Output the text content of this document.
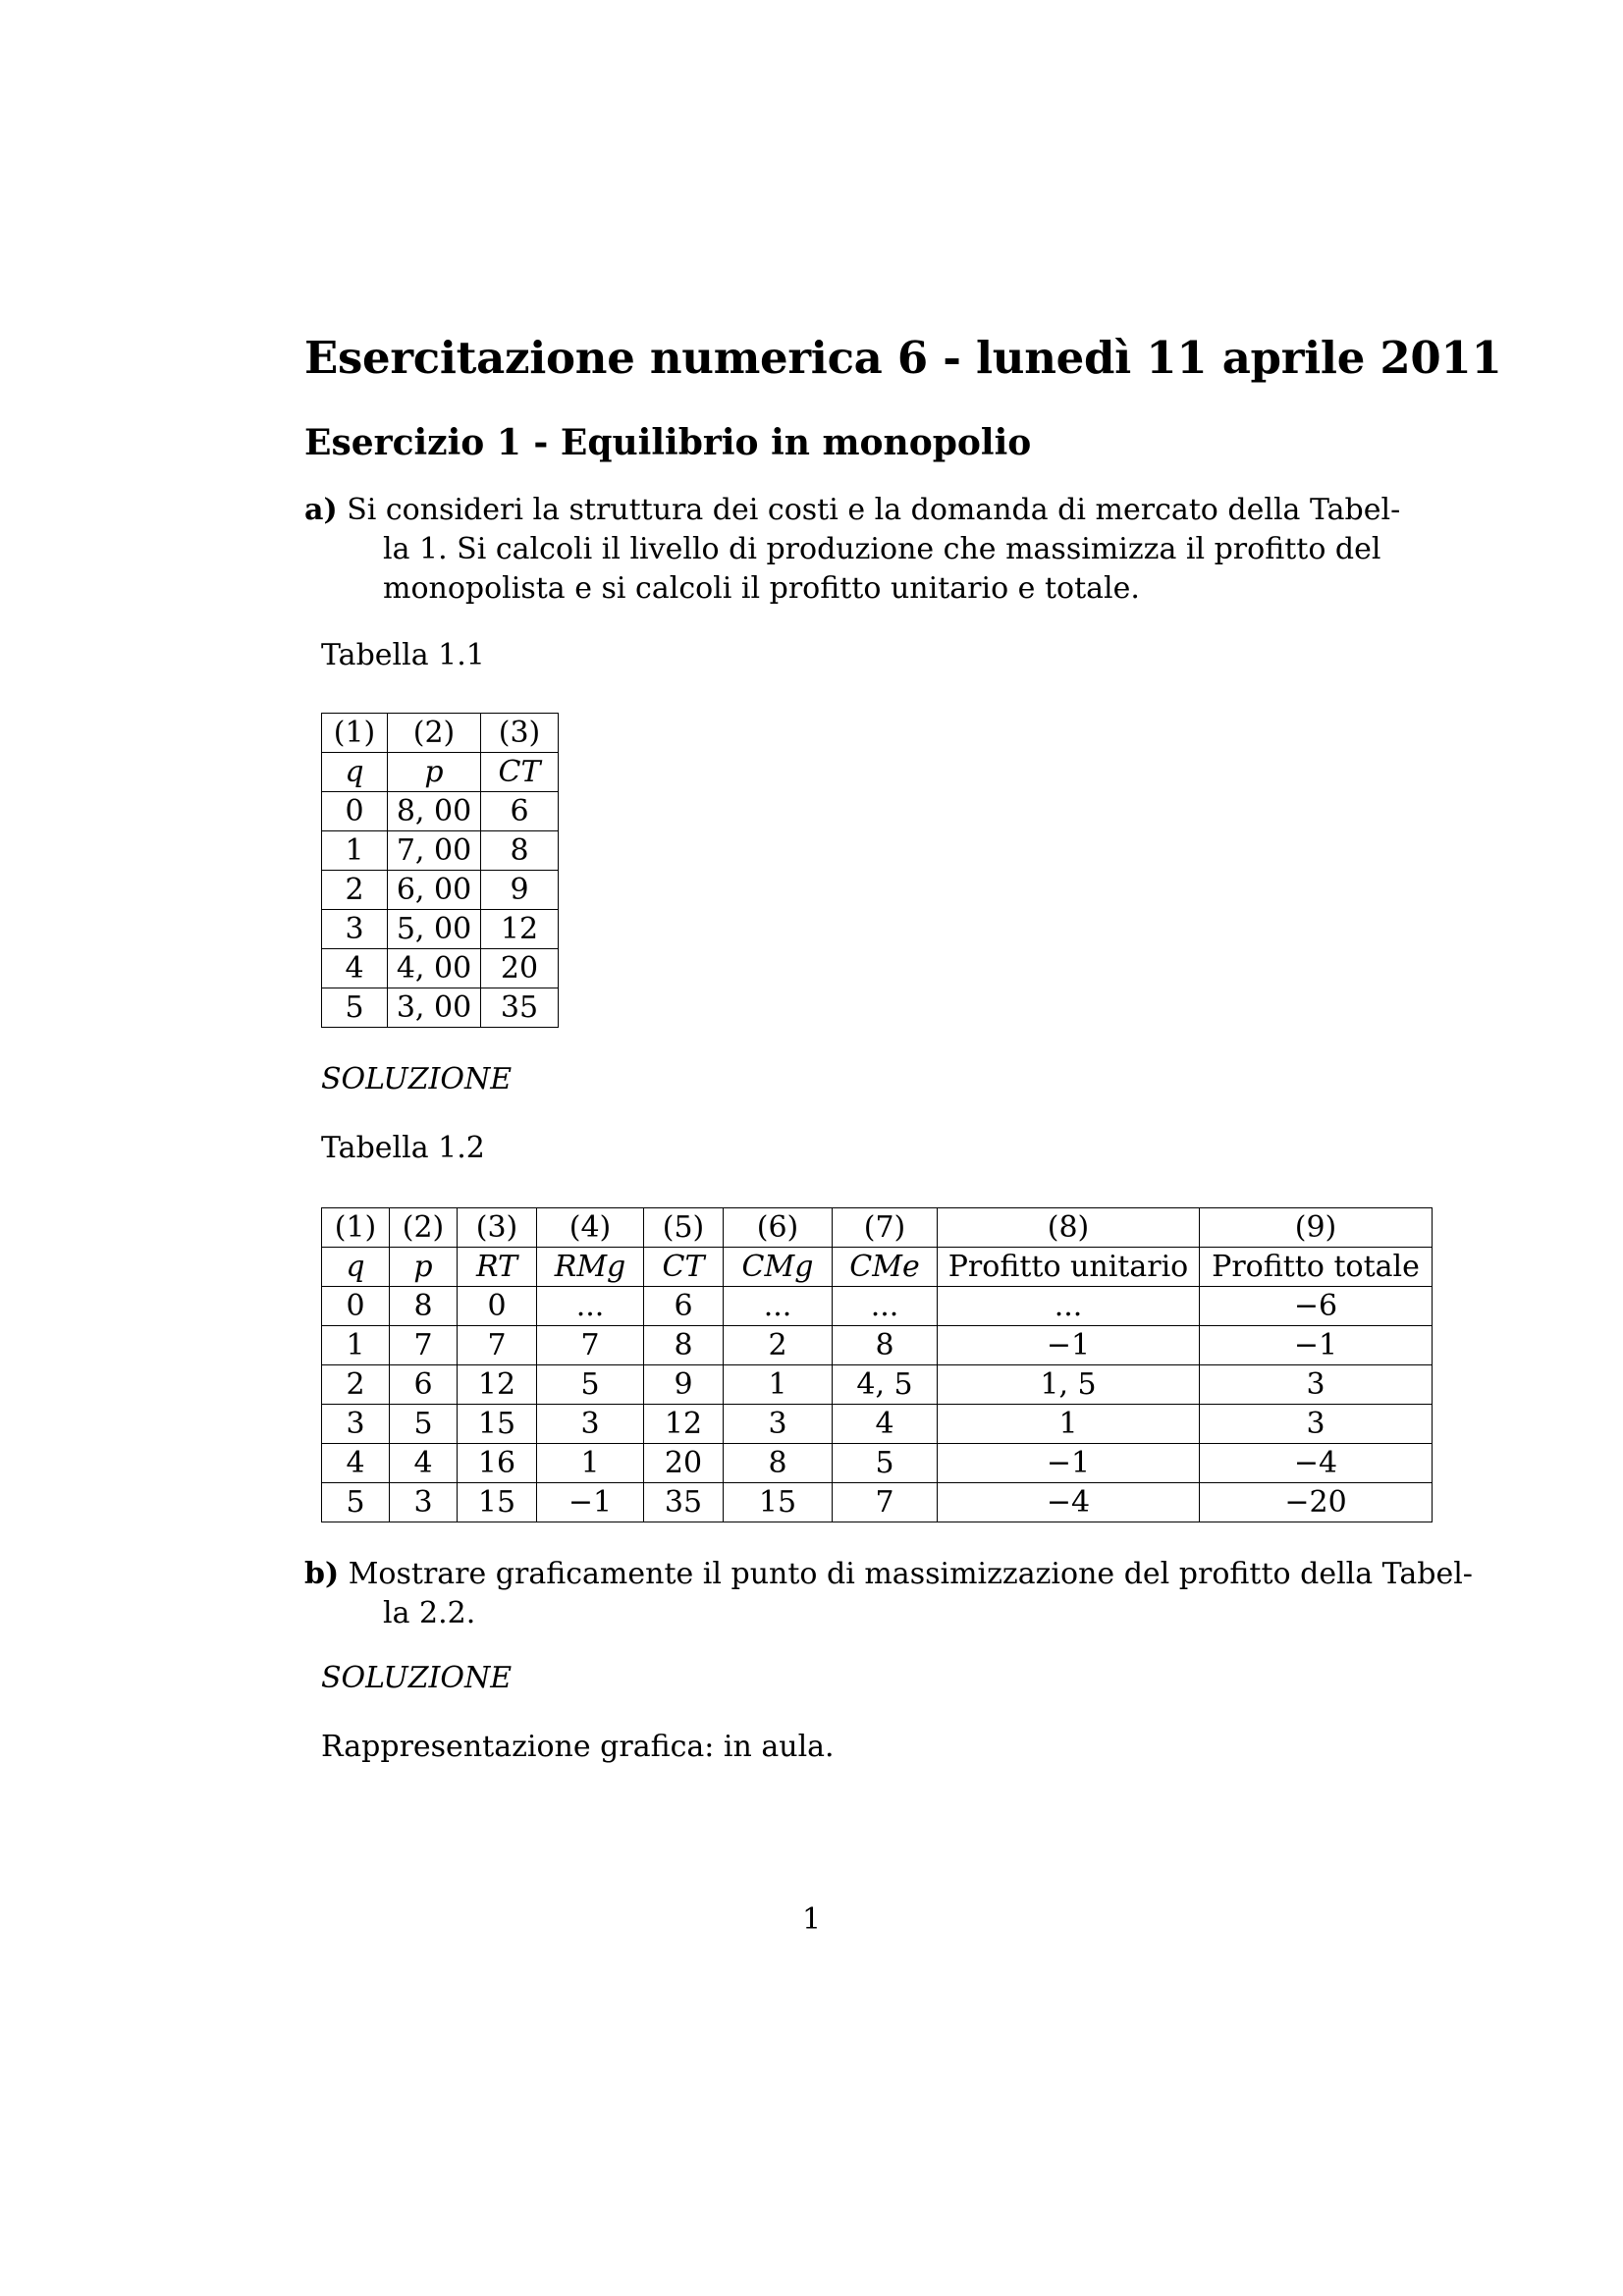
Esercitazione numerica 6 - lunedì 11 aprile 2011
Esercizio 1 - Equilibrio in monopolio
a) Si consideri la struttura dei costi e la domanda di mercato della Tabel-
la 1. Si calcoli il livello di produzione che massimizza il profitto del
monopolista e si calcoli il profitto unitario e totale.
Tabella 1.1
(1)	(2)	(3)
q	p	CT
0	8, 00	6
1	7, 00	8
2	6, 00	9
3	5, 00	12
4	4, 00	20
5	3, 00	35
SOLUZIONE
Tabella 1.2
(1)	(2)	(3)	(4)	(5)	(6)	(7)	(8)	(9)
q	p	RT	RMg	CT	CMg	CMe	Profitto unitario	Profitto totale
0	8	0	...	6	...	...	...	−6
1	7	7	7	8	2	8	−1	−1
2	6	12	5	9	1	4, 5	1, 5	3
3	5	15	3	12	3	4	1	3
4	4	16	1	20	8	5	−1	−4
5	3	15	−1	35	15	7	−4	−20
b) Mostrare graficamente il punto di massimizzazione del profitto della Tabel-
la 2.2.
SOLUZIONE
Rappresentazione grafica: in aula.
1
